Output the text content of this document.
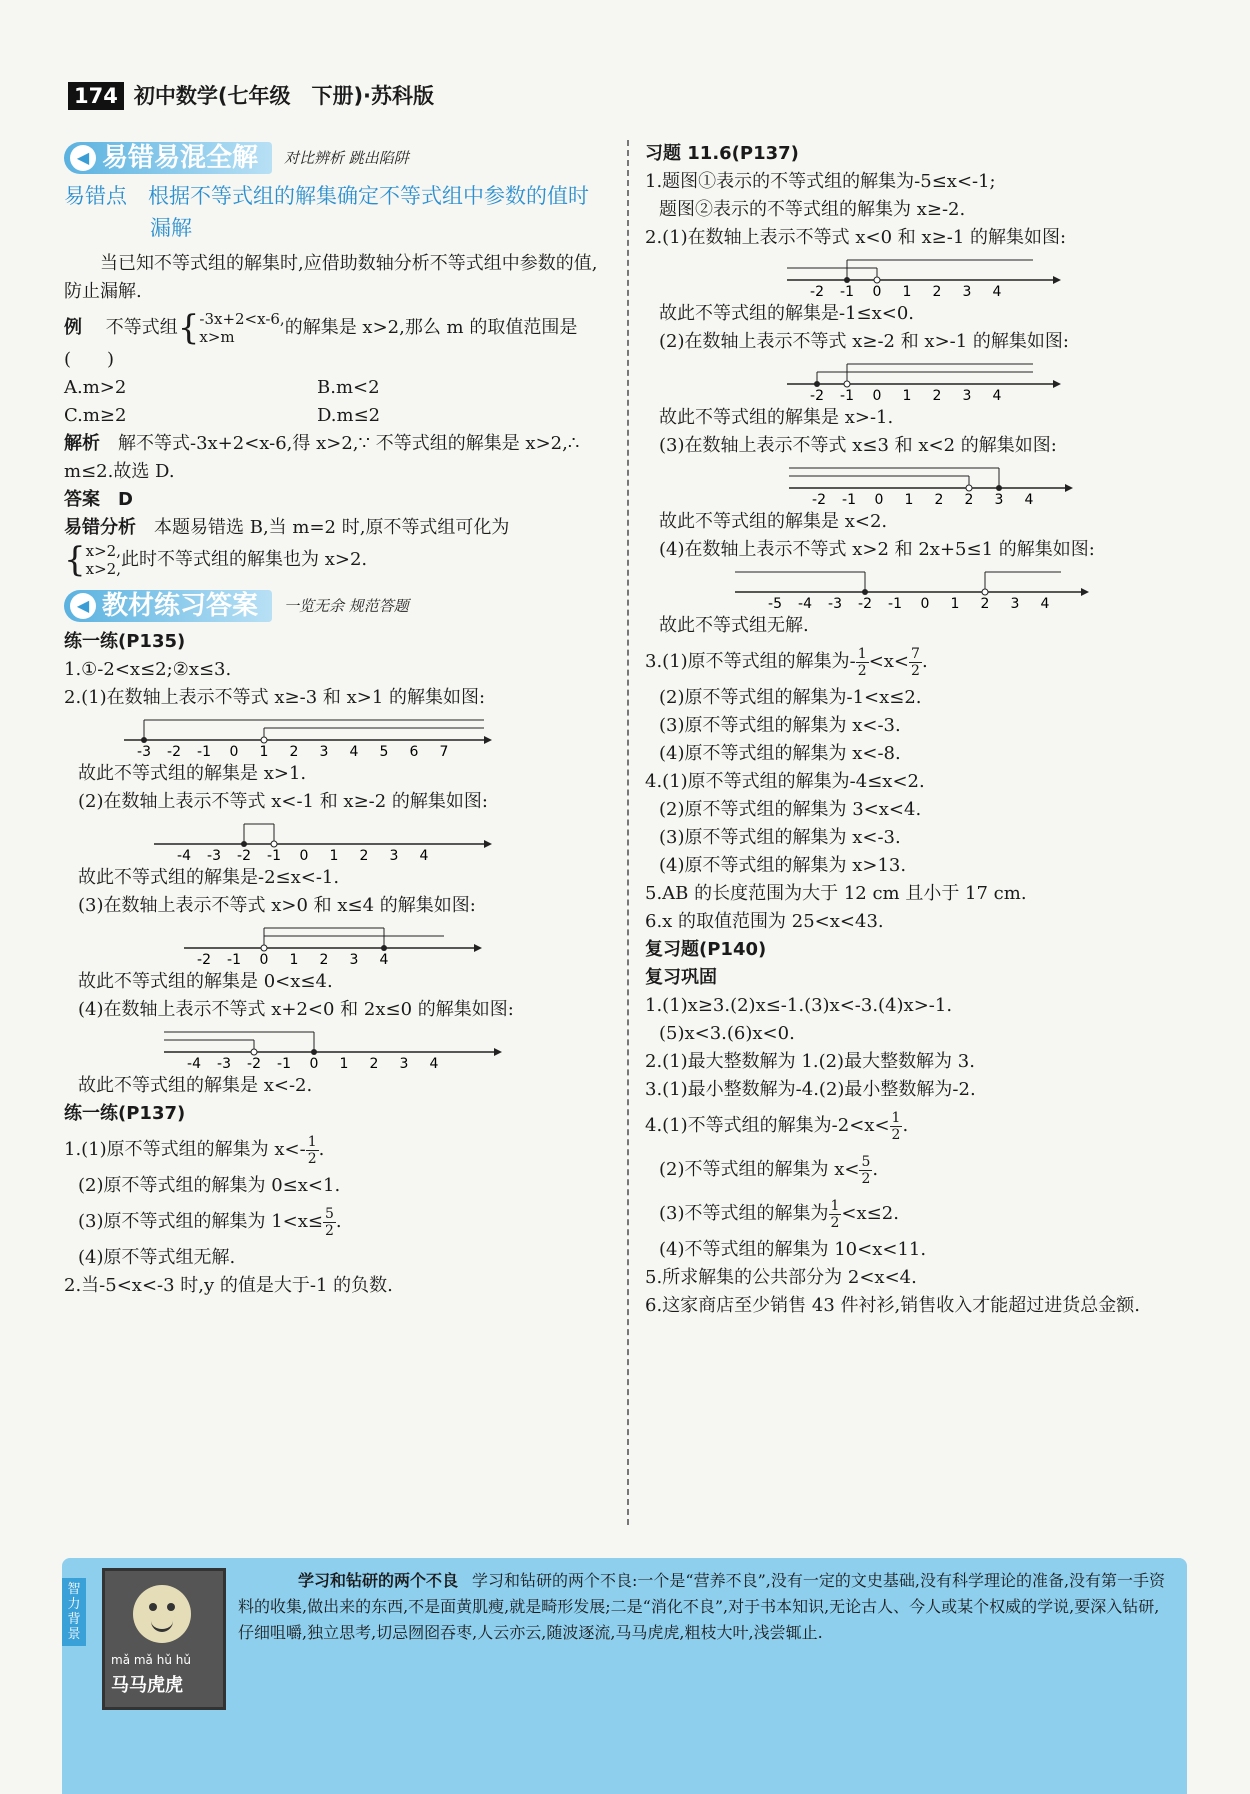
174 初中数学(七年级　下册)·苏科版
◀ 易错易混全解 对比辨析 跳出陷阱
易错点　根据不等式组的解集确定不等式组中参数的值时漏解

当已知不等式组的解集时,应借助数轴分析不等式组中参数的值,防止漏解.

例　 不等式组{ -3x+2<x-6,
x>m	的解集是 x>2,那么 m 的取值范围是　　　　　　　　　(　　)
A.m>2	B.m<2
C.m≥2	D.m≤2

解析　 解不等式-3x+2<x-6,得 x>2,∵ 不等式组的解集是 x>2,∴ m≤2.故选 D.

答案　 D

易错分析　 本题易错选 B,当 m=2 时,原不等式组可化为

{ x>2,
x>2, 此时不等式组的解集也为 x>2.

◀ 教材练习答案 一览无余 规范答题
练一练(P135)

1.①-2<x≤2;②x≤3.

2.(1)在数轴上表示不等式 x≥-3 和 x>1 的解集如图:

-3 -2 -1 0 1 2 3 4 5 6 7

故此不等式组的解集是 x>1.

(2)在数轴上表示不等式 x<-1 和 x≥-2 的解集如图:

-4 -3 -2 -1 0 1 2 3 4

故此不等式组的解集是-2≤x<-1.

(3)在数轴上表示不等式 x>0 和 x≤4 的解集如图:

-2 -1 0 1 2 3 4

故此不等式组的解集是 0<x≤4.

(4)在数轴上表示不等式 x+2<0 和 2x≤0 的解集如图:

-4 -3 -2 -1 0 1 2 3 4

故此不等式组的解集是 x<-2.

练一练(P137)

1.(1)原不等式组的解集为 $x<- \frac{1}{2}$ .

(2)原不等式组的解集为 0≤x<1.

(3)原不等式组的解集为 $1<x\le \frac{5}{2}$ .

(4)原不等式组无解.

2.当-5<x<-3 时,y 的值是大于-1 的负数.

习题 11.6(P137)

1.题图①表示的不等式组的解集为-5≤x<-1;

题图②表示的不等式组的解集为 x≥-2.

2.(1)在数轴上表示不等式 x<0 和 x≥-1 的解集如图:

-2 -1 0 1 2 3 4

故此不等式组的解集是-1≤x<0.

(2)在数轴上表示不等式 x≥-2 和 x>-1 的解集如图:

-2 -1 0 1 2 3 4

故此不等式组的解集是 x>-1.

(3)在数轴上表示不等式 x≤3 和 x<2 的解集如图:

-2 -1 0 1 2 2 3 4

故此不等式组的解集是 x<2.

(4)在数轴上表示不等式 x>2 和 2x+5≤1 的解集如图:

-5 -4 -3 -2 -1 0 1 2 3 4

故此不等式组无解.

3.(1)原不等式组的解集为- $\frac{1}{2} <x< \frac{7}{2}$ .

(2)原不等式组的解集为-1<x≤2.

(3)原不等式组的解集为 x<-3.

(4)原不等式组的解集为 x<-8.

4.(1)原不等式组的解集为-4≤x<2.

(2)原不等式组的解集为 3<x<4.

(3)原不等式组的解集为 x<-3.

(4)原不等式组的解集为 x>13.

5.AB 的长度范围为大于 12 cm 且小于 17 cm.

6.x 的取值范围为 25<x<43.

复习题(P140)
复习巩固

1.(1)x≥3.(2)x≤-1.(3)x<-3.(4)x>-1.

(5)x<3.(6)x<0.

2.(1)最大整数解为 1.(2)最大整数解为 3.

3.(1)最小整数解为-4.(2)最小整数解为-2.

4.(1)不等式组的解集为$-2<x< \frac{1}{2}$ .

(2)不等式组的解集为 $x< \frac{5}{2}$ .

(3)不等式组的解集为 $\frac{1}{2} <x\le 2$.

(4)不等式组的解集为 10<x<11.

5.所求解集的公共部分为 2<x<4.

6.这家商店至少销售 43 件衬衫,销售收入才能超过进货总金额.

智力背景
mǎ mǎ hǔ hǔ
马马虎虎
学习和钻研的两个不良 学习和钻研的两个不良:一个是“营养不良”,没有一定的文史基础,没有科学理论的准备,没有第一手资料的收集,做出来的东西,不是面黄肌瘦,就是畸形发展;二是“消化不良”,对于书本知识,无论古人、今人或某个权威的学说,要深入钻研,仔细咀嚼,独立思考,切忌囫囵吞枣,人云亦云,随波逐流,马马虎虎,粗枝大叶,浅尝辄止.
